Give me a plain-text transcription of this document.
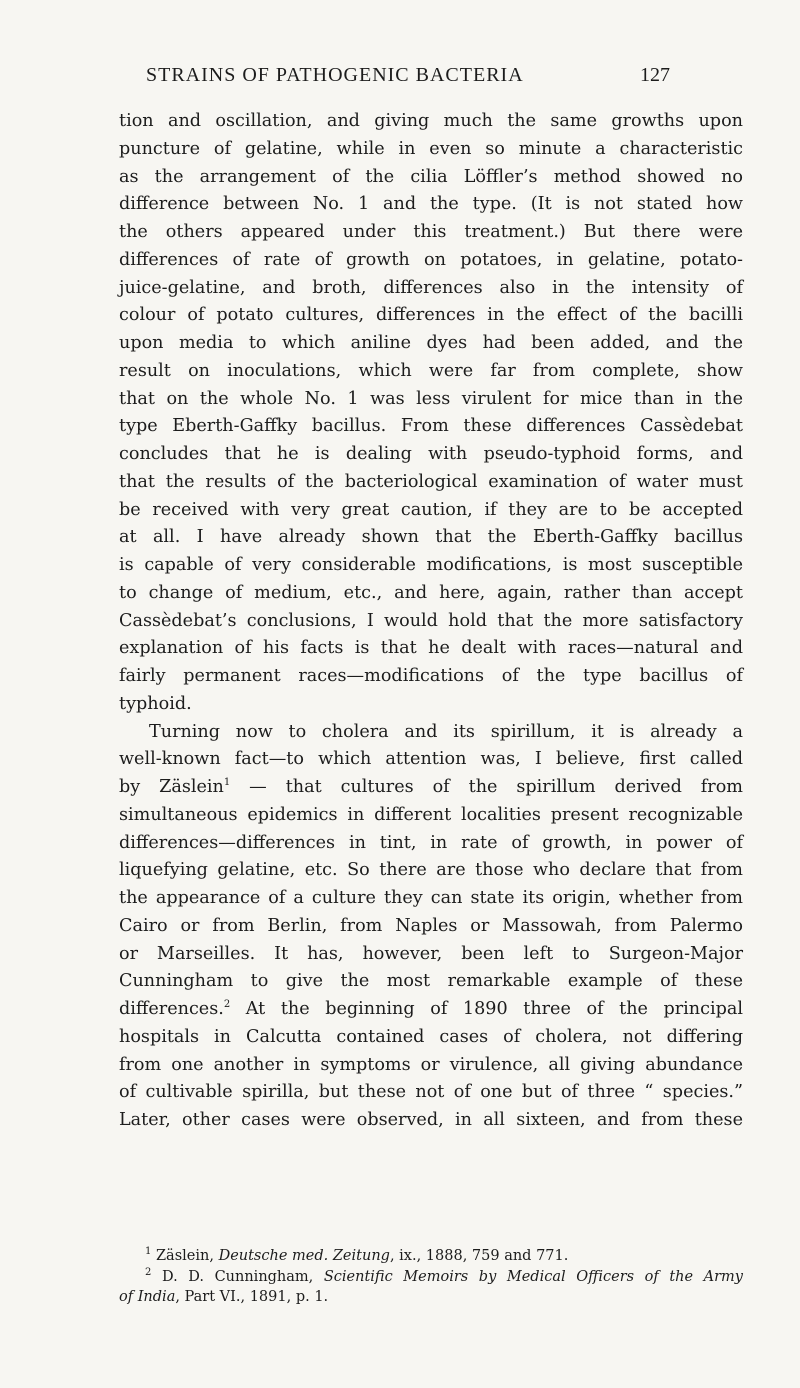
STRAINS OF PATHOGENIC BACTERIA	127
tion and oscillation, and giving much the same growths upon
puncture of gelatine, while in even so minute a characteristic
as the arrangement of the cilia Löffler’s method showed no
difference between No. 1 and the type. (It is not stated how
the others appeared under this treatment.) But there were
differences of rate of growth on potatoes, in gelatine, potato-
juice-gelatine, and broth, differences also in the intensity of
colour of potato cultures, differences in the effect of the bacilli
upon media to which aniline dyes had been added, and the
result on inoculations, which were far from complete, show
that on the whole No. 1 was less virulent for mice than in the
type Eberth-Gaffky bacillus. From these differences Cassèdebat
concludes that he is dealing with pseudo-typhoid forms, and
that the results of the bacteriological examination of water must
be received with very great caution, if they are to be accepted
at all. I have already shown that the Eberth-Gaffky bacillus
is capable of very considerable modifications, is most susceptible
to change of medium, etc., and here, again, rather than accept
Cassèdebat’s conclusions, I would hold that the more satisfactory
explanation of his facts is that he dealt with races—natural and
fairly permanent races—modifications of the type bacillus of
typhoid.
Turning now to cholera and its spirillum, it is already a
well-known fact—to which attention was, I believe, first called
by Zäslein$^1$ — that cultures of the spirillum derived from
simultaneous epidemics in different localities present recognizable
differences—differences in tint, in rate of growth, in power of
liquefying gelatine, etc. So there are those who declare that from
the appearance of a culture they can state its origin, whether from
Cairo or from Berlin, from Naples or Massowah, from Palermo
or Marseilles. It has, however, been left to Surgeon-Major
Cunningham to give the most remarkable example of these
differences.$^2$ At the beginning of 1890 three of the principal
hospitals in Calcutta contained cases of cholera, not differing
from one another in symptoms or virulence, all giving abundance
of cultivable spirilla, but these not of one but of three “ species.”
Later, other cases were observed, in all sixteen, and from these
$^1$ Zäslein, Deutsche med. Zeitung, ix., 1888, 759 and 771.
$^2$ D. D. Cunningham, Scientific Memoirs by Medical Officers of the Army
of India, Part VI., 1891, p. 1.
